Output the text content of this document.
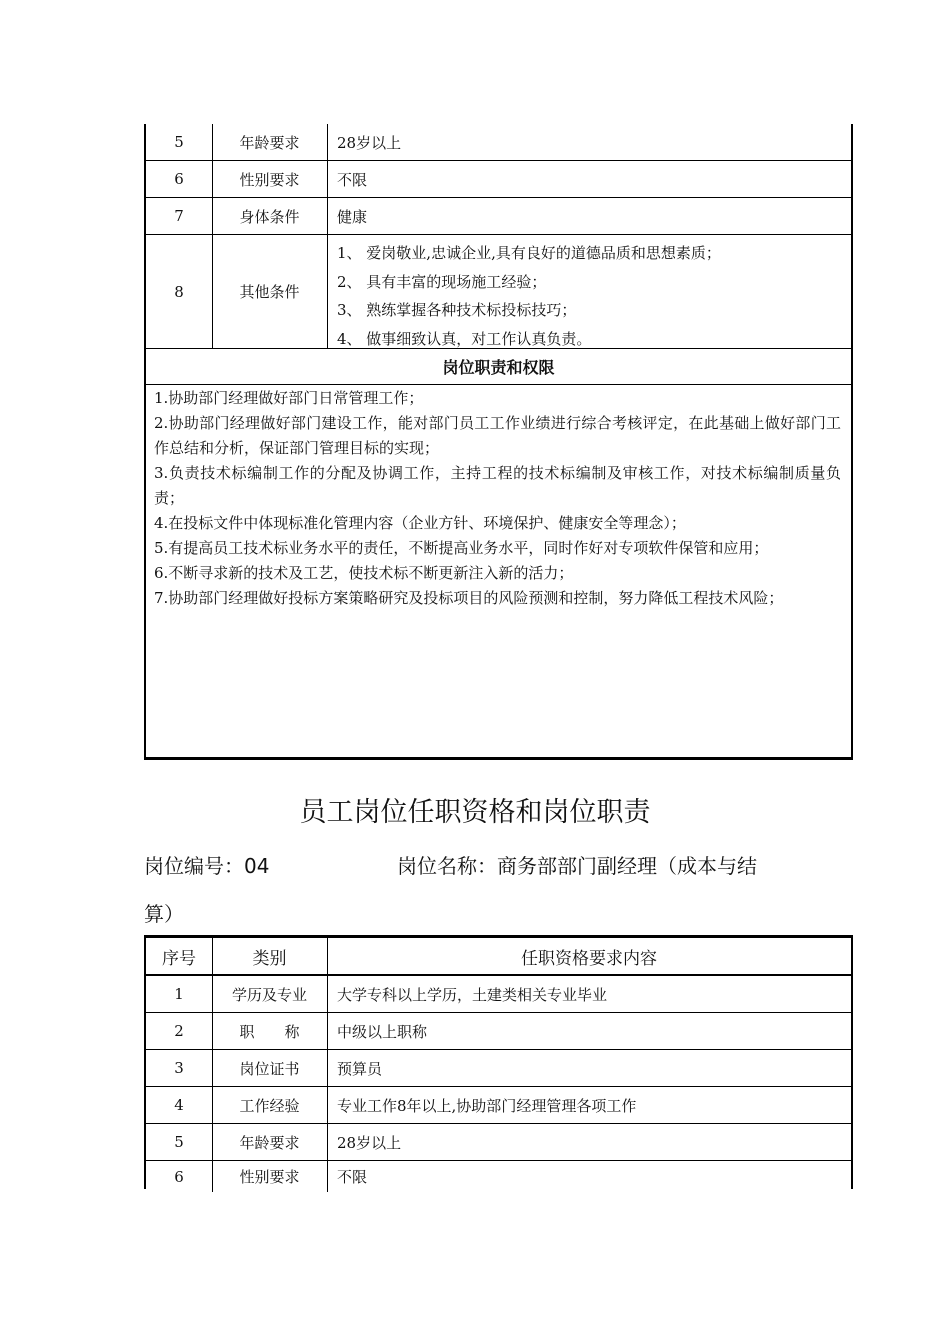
5	年龄要求	28岁以上
6	性别要求	不限
7	身体条件	健康
8	其他条件
1、 爱岗敬业,忠诚企业,具有良好的道德品质和思想素质；
2、 具有丰富的现场施工经验；
3、 熟练掌握各种技术标投标技巧；
4、 做事细致认真，对工作认真负责。
岗位职责和权限
1.协助部门经理做好部门日常管理工作；
2.协助部门经理做好部门建设工作，能对部门员工工作业绩进行综合考核评定，在此基础上做好部门工作总结和分析，保证部门管理目标的实现；
3.负责技术标编制工作的分配及协调工作，主持工程的技术标编制及审核工作，对技术标编制质量负责；
4.在投标文件中体现标准化管理内容（企业方针、环境保护、健康安全等理念）；
5.有提高员工技术标业务水平的责任，不断提高业务水平，同时作好对专项软件保管和应用；
6.不断寻求新的技术及工艺，使技术标不断更新注入新的活力；
7.协助部门经理做好投标方案策略研究及投标项目的风险预测和控制，努力降低工程技术风险；
员工岗位任职资格和岗位职责
岗位编号：04	岗位名称：商务部部门副经理（成本与结
算）
序号	类别	任职资格要求内容
1	学历及专业	大学专科以上学历，土建类相关专业毕业
2	职　　称	中级以上职称
3	岗位证书	预算员
4	工作经验	专业工作8年以上,协助部门经理管理各项工作
5	年龄要求	28岁以上
6	性别要求	不限
